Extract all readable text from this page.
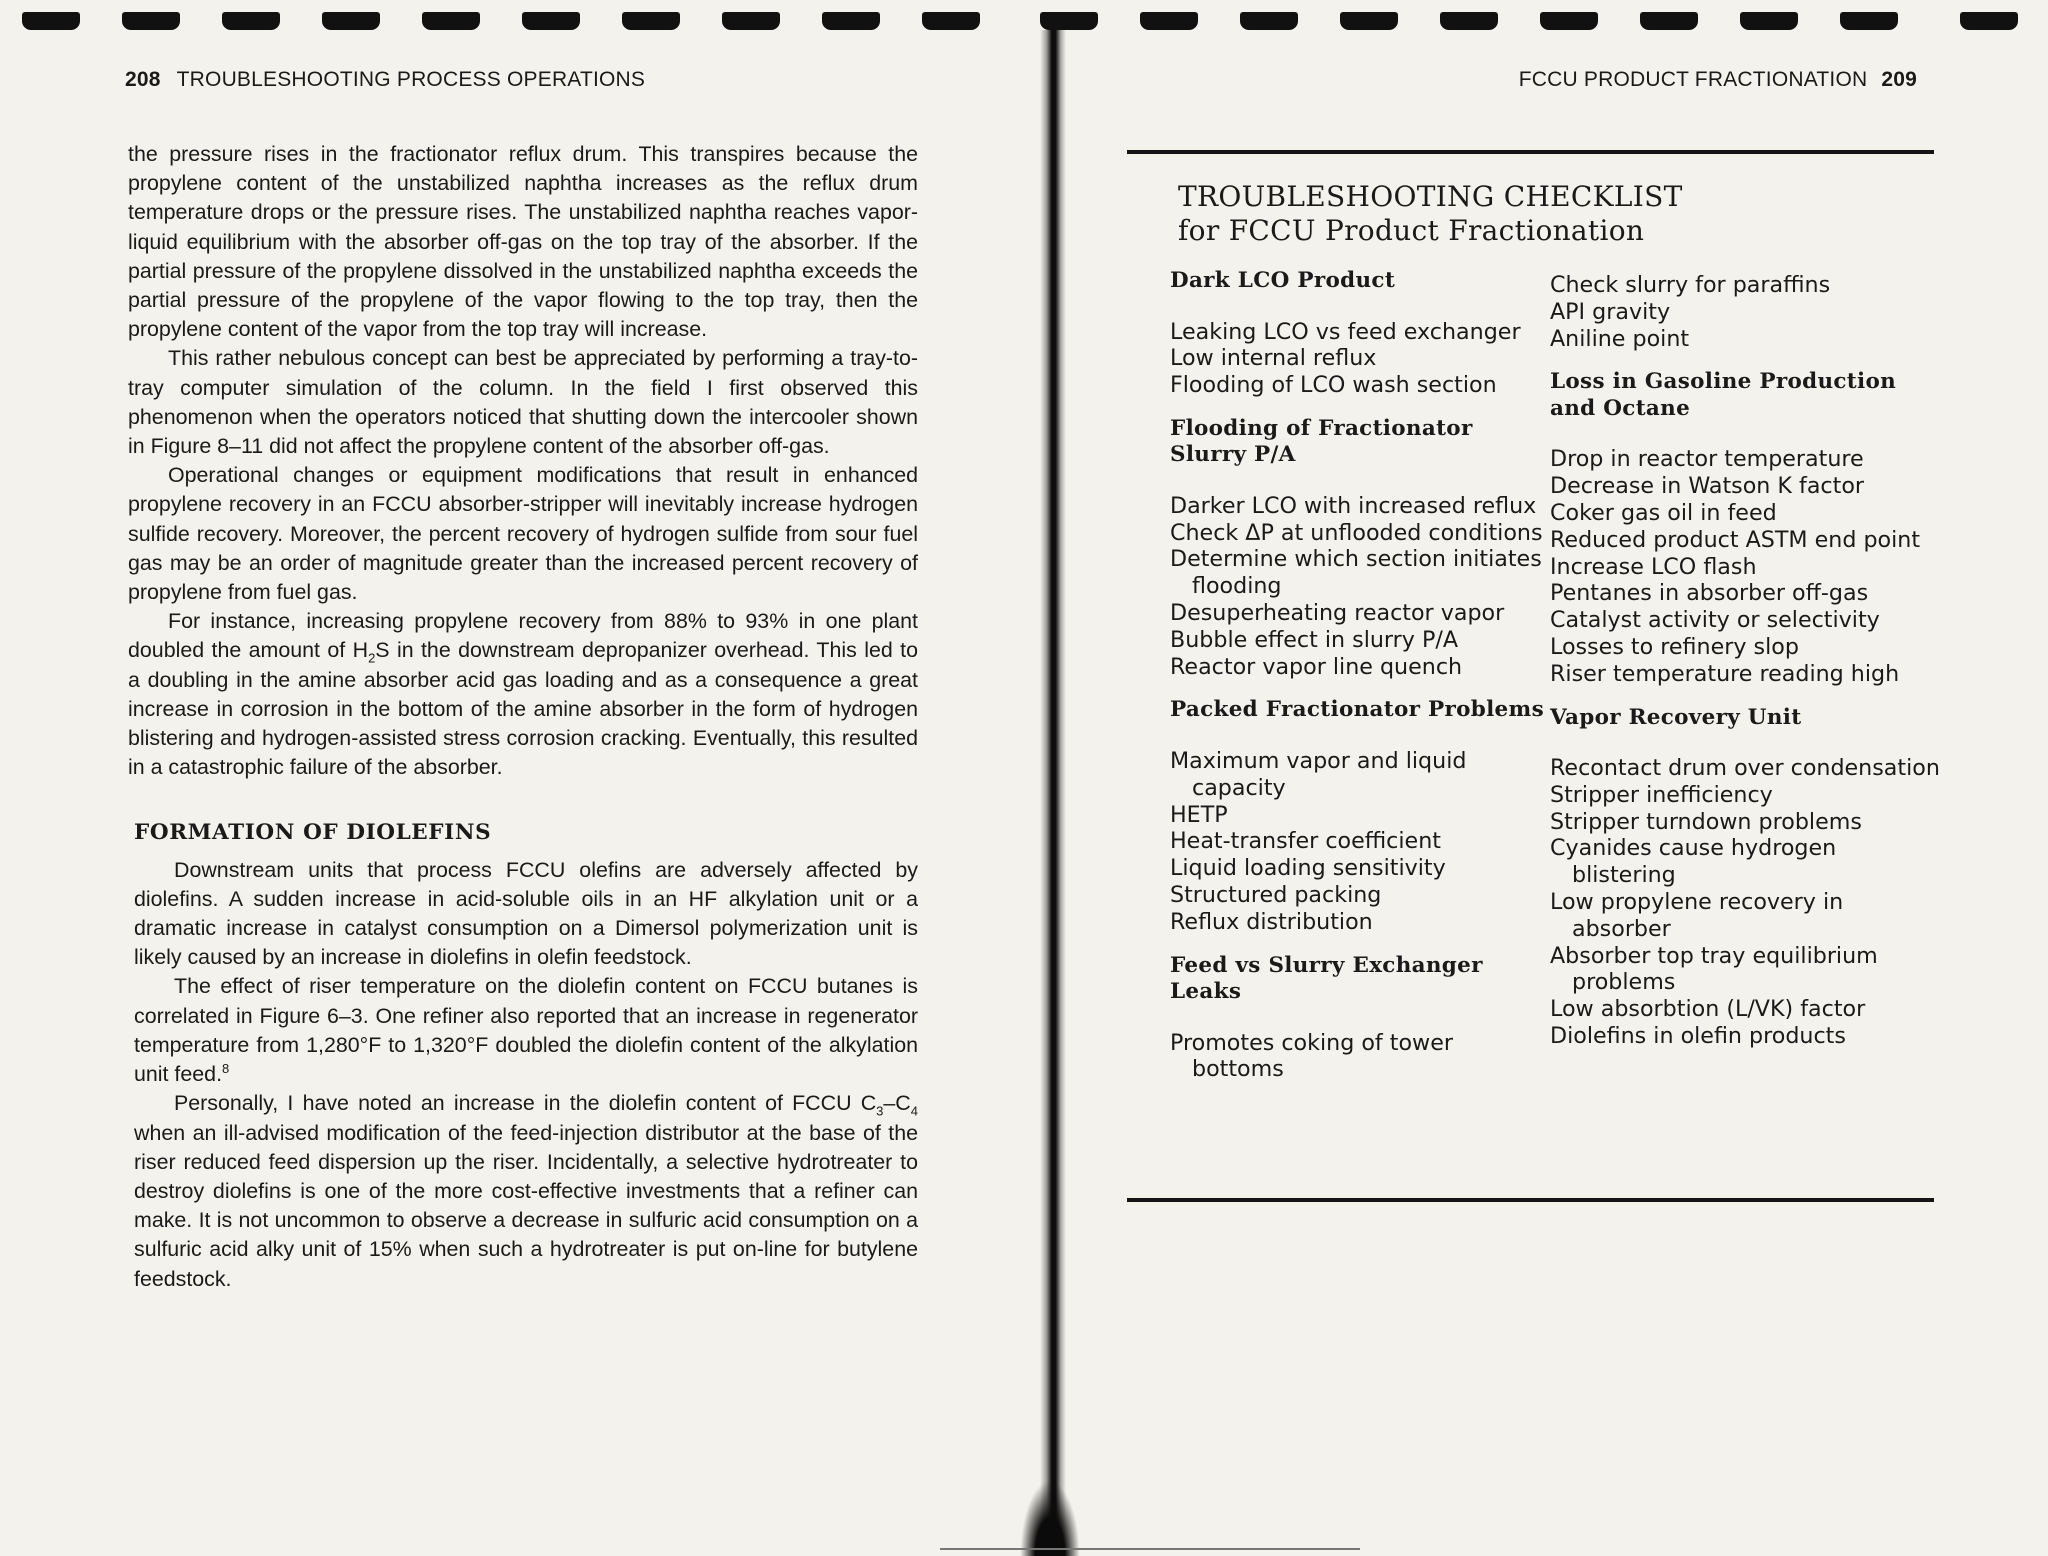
208 TROUBLESHOOTING PROCESS OPERATIONS

the pressure rises in the fractionator reflux drum. This transpires because the propylene content of the unstabilized naphtha increases as the reflux drum temperature drops or the pressure rises. The unstabilized naphtha reaches vapor-liquid equilibrium with the absorber off-gas on the top tray of the absorber. If the partial pressure of the propylene dissolved in the unstabilized naphtha exceeds the partial pressure of the propylene of the vapor flowing to the top tray, then the propylene content of the vapor from the top tray will increase.

This rather nebulous concept can best be appreciated by performing a tray-to-tray computer simulation of the column. In the field I first observed this phenomenon when the operators noticed that shutting down the intercooler shown in Figure 8–11 did not affect the propylene content of the absorber off-gas.

Operational changes or equipment modifications that result in enhanced propylene recovery in an FCCU absorber-stripper will inevitably increase hydrogen sulfide recovery. Moreover, the percent recovery of hydrogen sulfide from sour fuel gas may be an order of magnitude greater than the increased percent recovery of propylene from fuel gas.

For instance, increasing propylene recovery from 88% to 93% in one plant doubled the amount of $H_2S$ in the downstream depropanizer overhead. This led to a doubling in the amine absorber acid gas loading and as a consequence a great increase in corrosion in the bottom of the amine absorber in the form of hydrogen blistering and hydrogen-assisted stress corrosion cracking. Eventually, this resulted in a catastrophic failure of the absorber.

FORMATION OF DIOLEFINS

Downstream units that process FCCU olefins are adversely affected by diolefins. A sudden increase in acid-soluble oils in an HF alkylation unit or a dramatic increase in catalyst consumption on a Dimersol polymerization unit is likely caused by an increase in diolefins in olefin feedstock.

The effect of riser temperature on the diolefin content on FCCU butanes is correlated in Figure 6–3. One refiner also reported that an increase in regenerator temperature from 1,280°F to 1,320°F doubled the diolefin content of the alkylation unit feed.$^8$

Personally, I have noted an increase in the diolefin content of FCCU $C_3-C_4$ when an ill-advised modification of the feed-injection distributor at the base of the riser reduced feed dispersion up the riser. Incidentally, a selective hydrotreater to destroy diolefins is one of the more cost-effective investments that a refiner can make. It is not uncommon to observe a decrease in sulfuric acid consumption on a sulfuric acid alky unit of 15% when such a hydrotreater is put on-line for butylene feedstock.

FCCU PRODUCT FRACTIONATION 209
TROUBLESHOOTING CHECKLIST
for FCCU Product Fractionation
Dark LCO Product
Leaking LCO vs feed exchanger
Low internal reflux
Flooding of LCO wash section
Flooding of Fractionator Slurry P/A
Darker LCO with increased reflux
Check ΔP at unflooded conditions
Determine which section initiates flooding
Desuperheating reactor vapor
Bubble effect in slurry P/A
Reactor vapor line quench
Packed Fractionator Problems
Maximum vapor and liquid capacity
HETP
Heat-transfer coefficient
Liquid loading sensitivity
Structured packing
Reflux distribution
Feed vs Slurry Exchanger Leaks
Promotes coking of tower bottoms
Check slurry for paraffins
API gravity
Aniline point
Loss in Gasoline Production and Octane
Drop in reactor temperature
Decrease in Watson K factor
Coker gas oil in feed
Reduced product ASTM end point
Increase LCO flash
Pentanes in absorber off-gas
Catalyst activity or selectivity
Losses to refinery slop
Riser temperature reading high
Vapor Recovery Unit
Recontact drum over condensation
Stripper inefficiency
Stripper turndown problems
Cyanides cause hydrogen blistering
Low propylene recovery in absorber
Absorber top tray equilibrium problems
Low absorbtion (L/VK) factor
Diolefins in olefin products
